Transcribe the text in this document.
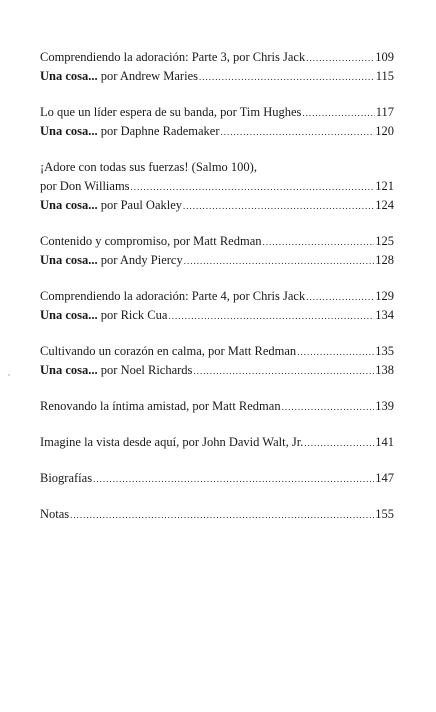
Comprendiendo la adoración: Parte 3, por Chris Jack .....	109
Una cosa... por Andrew Maries .....	115
Lo que un líder espera de su banda, por Tim Hughes .....	117
Una cosa... por Daphne Rademaker .....	120
¡Adore con todas sus fuerzas! (Salmo 100),
por Don Williams .....	121
Una cosa... por Paul Oakley .....	124
Contenido y compromiso, por Matt Redman .....	125
Una cosa... por Andy Piercy .....	128
Comprendiendo la adoración: Parte 4, por Chris Jack .....	129
Una cosa... por Rick Cua .....	134
Cultivando un corazón en calma, por Matt Redman .....	135
Una cosa... por Noel Richards .....	138
Renovando la íntima amistad, por Matt Redman .....	139
Imagine la vista desde aquí, por John David Walt, Jr. .....	141
Biografías .....	147
Notas .....	155
